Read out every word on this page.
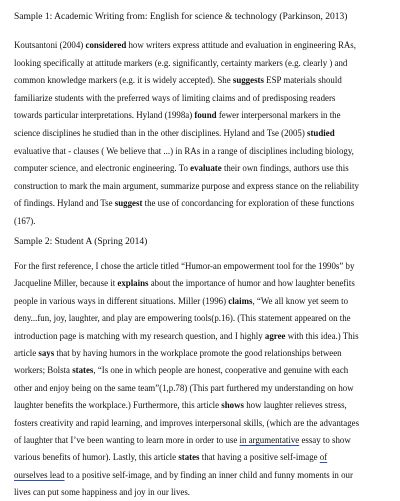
Sample 1: Academic Writing from: English for science & technology (Parkinson, 2013)
Koutsantoni (2004) considered how writers express attitude and evaluation in engineering RAs,
looking specifically at attitude markers (e.g. significantly, certainty markers (e.g. clearly ) and
common knowledge markers (e.g. it is widely accepted). She suggests ESP materials should
familiarize students with the preferred ways of limiting claims and of predisposing readers
towards particular interpretations. Hyland (1998a) found fewer interpersonal markers in the
science disciplines he studied than in the other disciplines. Hyland and Tse (2005) studied
evaluative that - clauses ( We believe that ...) in RAs in a range of disciplines including biology,
computer science, and electronic engineering. To evaluate their own findings, authors use this
construction to mark the main argument, summarize purpose and express stance on the reliability
of findings. Hyland and Tse suggest the use of concordancing for exploration of these functions
(167).
Sample 2: Student A (Spring 2014)
For the first reference, I chose the article titled “Humor-an empowerment tool for the 1990s” by
Jacqueline Miller, because it explains about the importance of humor and how laughter benefits
people in various ways in different situations. Miller (1996) claims, “We all know yet seem to
deny...fun, joy, laughter, and play are empowering tools(p.16). (This statement appeared on the
introduction page is matching with my research question, and I highly agree with this idea.) This
article says that by having humors in the workplace promote the good relationships between
workers; Bolsta states, “Is one in which people are honest, cooperative and genuine with each
other and enjoy being on the same team”(1,p.78) (This part furthered my understanding on how
laughter benefits the workplace.) Furthermore, this article shows how laughter relieves stress,
fosters creativity and rapid learning, and improves interpersonal skills, (which are the advantages
of laughter that I’ve been wanting to learn more in order to use in argumentative essay to show
various benefits of humor). Lastly, this article states that having a positive self-image of
ourselves lead to a positive self-image, and by finding an inner child and funny moments in our
lives can put some happiness and joy in our lives.
